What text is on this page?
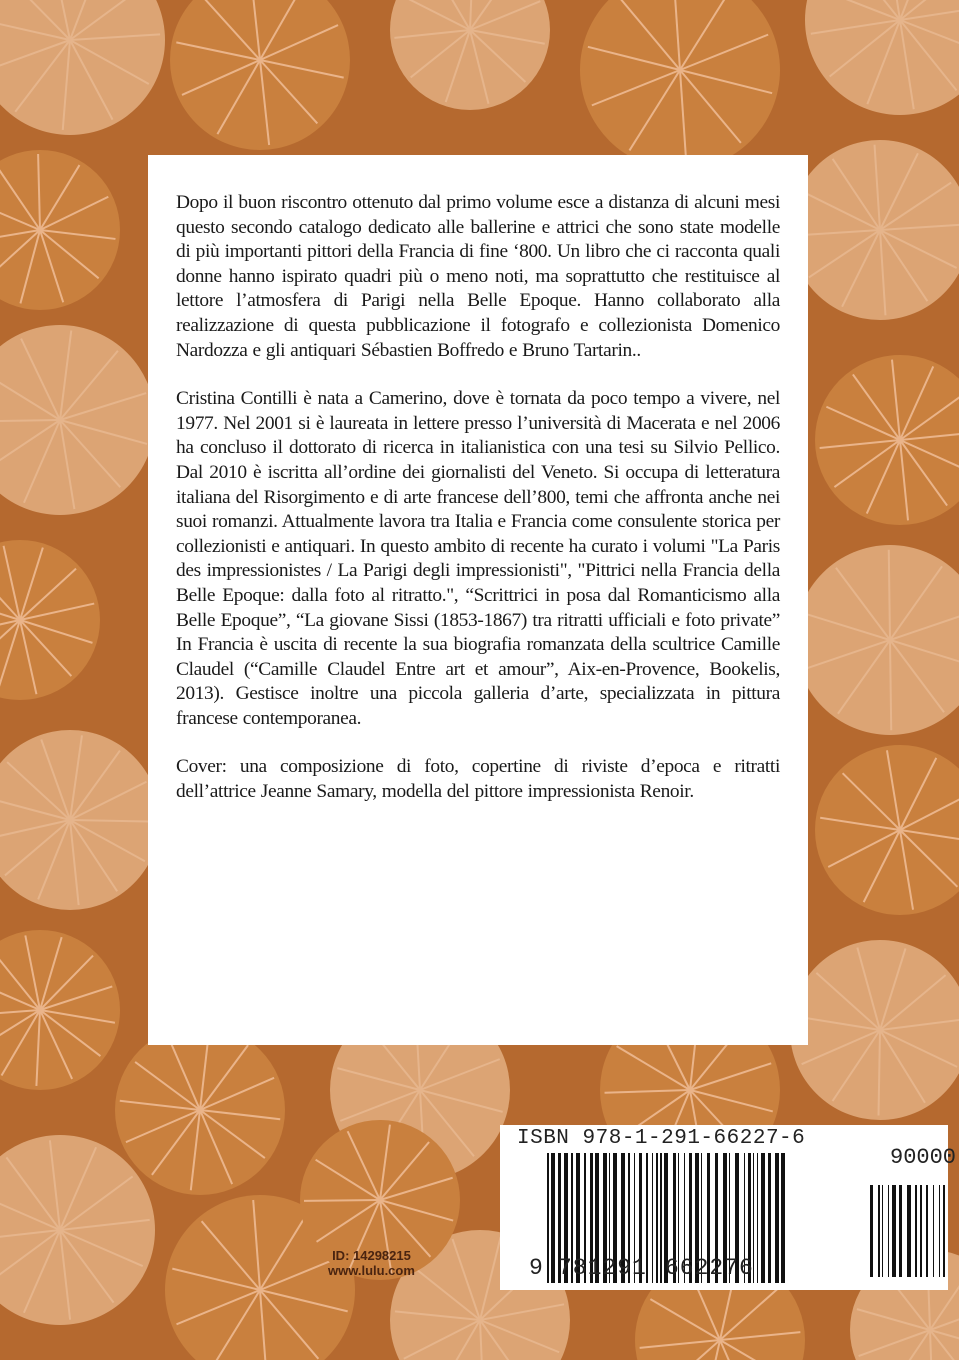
Dopo il buon riscontro ottenuto dal primo volume esce a distanza di alcuni mesi questo secondo catalogo dedicato alle ballerine e attrici che sono state modelle di più importanti pittori della Francia di fine ‘800. Un libro che ci racconta quali donne hanno ispirato quadri più o meno noti, ma soprattutto che restituisce al lettore l’atmosfera di Parigi nella Belle Epoque. Hanno collaborato alla realizzazione di questa pubblicazione il fotografo e collezionista Domenico Nardozza e gli antiquari Sébastien Boffredo e Bruno Tartarin..

Cristina Contilli è nata a Camerino, dove è tornata da poco tempo a vivere, nel 1977. Nel 2001 si è laureata in lettere presso l’università di Macerata e nel 2006 ha concluso il dottorato di ricerca in italianistica con una tesi su Silvio Pellico. Dal 2010 è iscritta all’ordine dei giornalisti del Veneto. Si occupa di letteratura italiana del Risorgimento e di arte francese dell’800, temi che affronta anche nei suoi romanzi. Attualmente lavora tra Italia e Francia come consulente storica per collezionisti e antiquari. In questo ambito di recente ha curato i volumi "La Paris des impressionistes / La Parigi degli impressionisti", "Pittrici nella Francia della Belle Epoque: dalla foto al ritratto.", “Scrittrici in posa dal Romanticismo alla Belle Epoque”, “La giovane Sissi (1853-1867) tra ritratti ufficiali e foto private” In Francia è uscita di recente la sua biografia romanzata della scultrice Camille Claudel (“Camille Claudel Entre art et amour”, Aix-en-Provence, Bookelis, 2013). Gestisce inoltre una piccola galleria d’arte, specializzata in pittura francese contemporanea.

Cover: una composizione di foto, copertine di riviste d’epoca e ritratti dell’attrice Jeanne Samary, modella del pittore impressionista Renoir.

ID: 14298215
www.lulu.com
ISBN 978-1-291-66227-6
90000
9 781291 662276
